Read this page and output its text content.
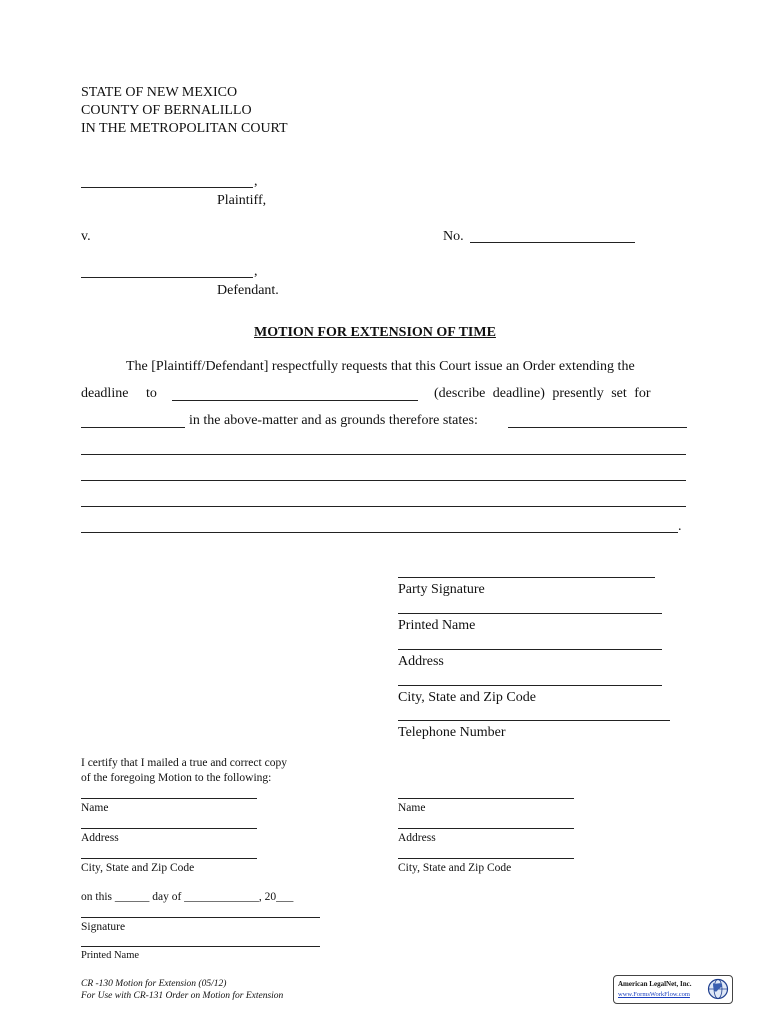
STATE OF NEW MEXICO
COUNTY OF BERNALILLO
IN THE METROPOLITAN COURT
,
Plaintiff,
v.	No.
,
Defendant.
MOTION FOR EXTENSION OF TIME
The [Plaintiff/Defendant] respectfully requests that this Court issue an Order extending the
deadline to	(describe deadline) presently set for
in the above-matter and as grounds therefore states:
.
Party Signature
Printed Name
Address
City, State and Zip Code
Telephone Number
I certify that I mailed a true and correct copy
of the foregoing Motion to the following:
Name
Address
City, State and Zip Code
Name
Address
City, State and Zip Code
on this ______ day of _____________, 20___
Signature
Printed Name
CR -130 Motion for Extension (05/12)
For Use with CR-131 Order on Motion for Extension
American LegalNet, Inc.
www.FormsWorkFlow.com
